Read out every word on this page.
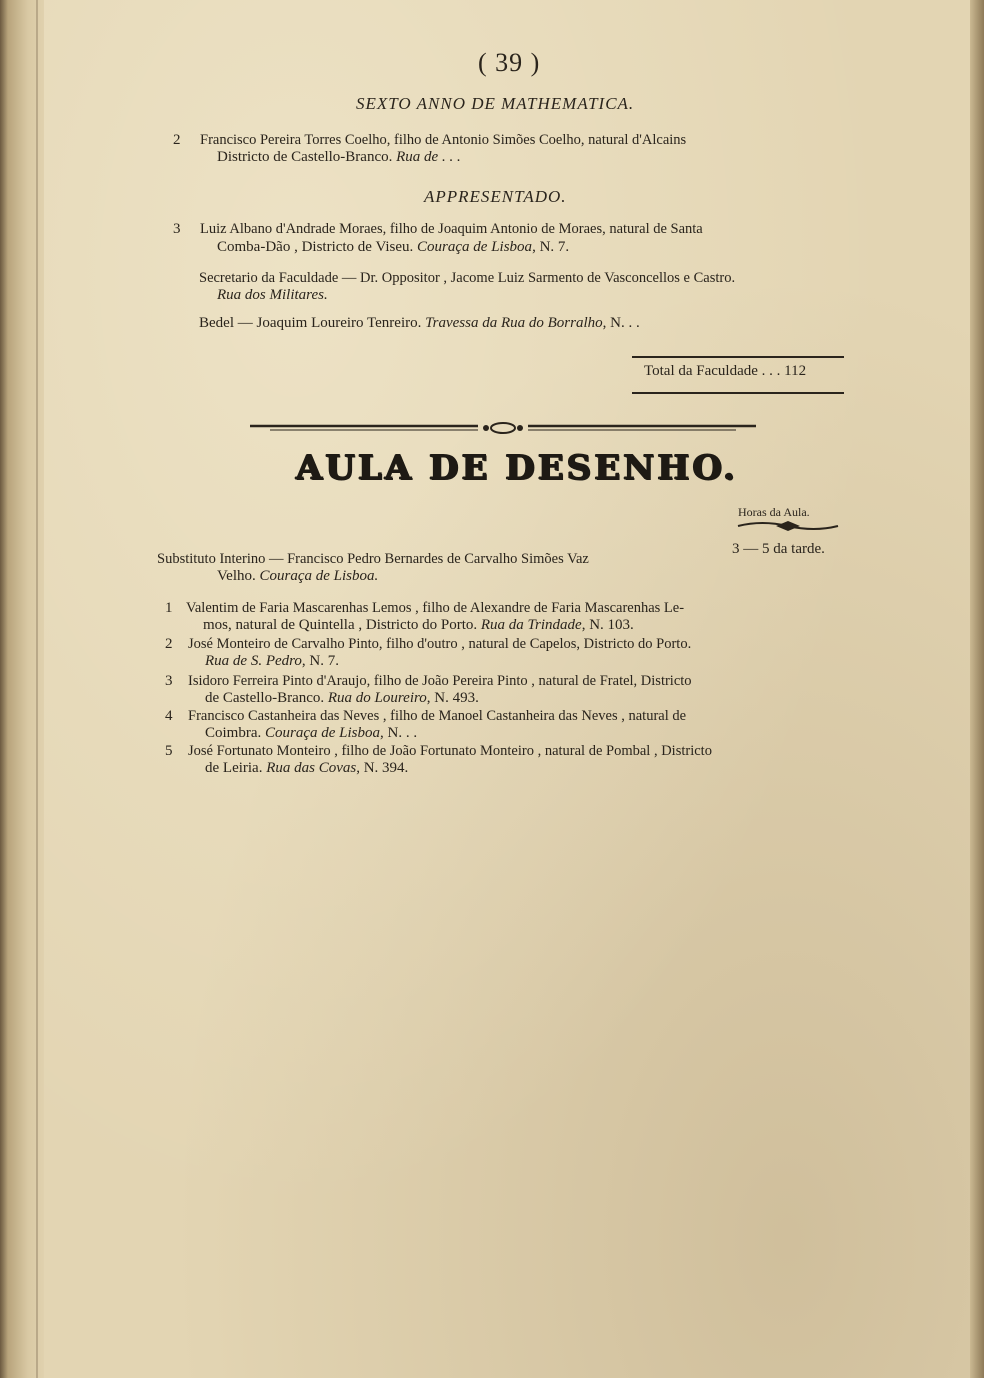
( 39 )
SEXTO ANNO DE MATHEMATICA.
2 Francisco Pereira Torres Coelho, filho de Antonio Simões Coelho, natural d'Alcains
Districto de Castello-Branco. Rua de . . .
APPRESENTADO.
3 Luiz Albano d'Andrade Moraes, filho de Joaquim Antonio de Moraes, natural de Santa
Comba-Dão , Districto de Viseu. Couraça de Lisboa, N. 7.
Secretario da Faculdade — Dr. Oppositor , Jacome Luiz Sarmento de Vasconcellos e Castro.
Rua dos Militares.
Bedel — Joaquim Loureiro Tenreiro. Travessa da Rua do Borralho, N. . .
Total da Faculdade . . . 112
AULA DE DESENHO.
Horas da Aula.
3 — 5 da tarde.
Substituto Interino — Francisco Pedro Bernardes de Carvalho Simões Vaz
Velho. Couraça de Lisboa.
1 Valentim de Faria Mascarenhas Lemos , filho de Alexandre de Faria Mascarenhas Le-
mos, natural de Quintella , Districto do Porto. Rua da Trindade, N. 103.
2 José Monteiro de Carvalho Pinto, filho d'outro , natural de Capelos, Districto do Porto.
Rua de S. Pedro, N. 7.
3 Isidoro Ferreira Pinto d'Araujo, filho de João Pereira Pinto , natural de Fratel, Districto
de Castello-Branco. Rua do Loureiro, N. 493.
4 Francisco Castanheira das Neves , filho de Manoel Castanheira das Neves , natural de
Coimbra. Couraça de Lisboa, N. . .
5 José Fortunato Monteiro , filho de João Fortunato Monteiro , natural de Pombal , Districto
de Leiria. Rua das Covas, N. 394.
